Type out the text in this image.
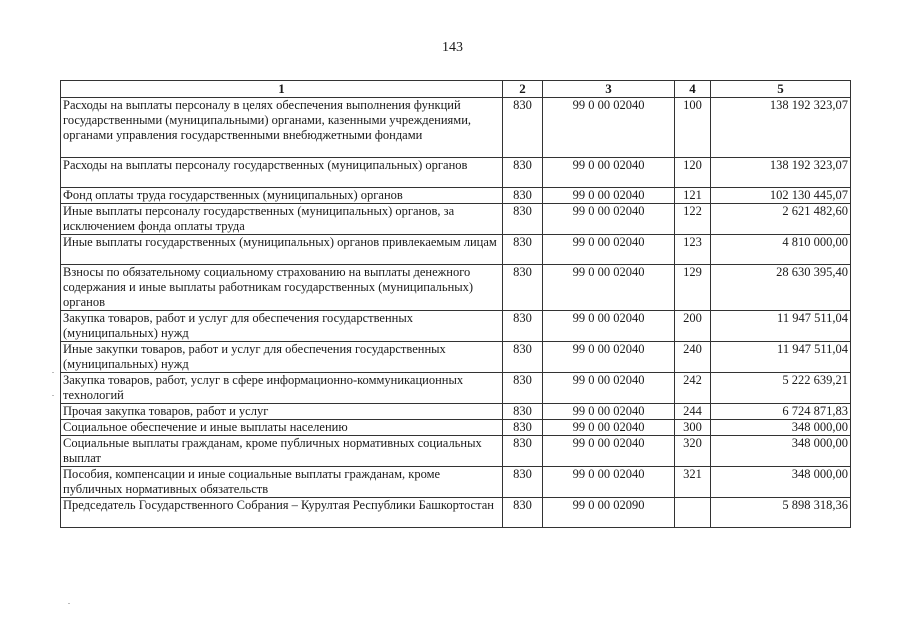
143
1	2	3	4	5
Расходы на выплаты персоналу в целях обеспечения выполнения функций государственными (муниципальными) органами, казенными учреждениями, органами управления государственными внебюджетными фондами	830	99 0 00 02040	100	138 192 323,07
Расходы на выплаты персоналу государственных (муниципальных) органов	830	99 0 00 02040	120	138 192 323,07
Фонд оплаты труда государственных (муниципальных) органов	830	99 0 00 02040	121	102 130 445,07
Иные выплаты персоналу государственных (муниципальных) органов, за исключением фонда оплаты труда	830	99 0 00 02040	122	2 621 482,60
Иные выплаты государственных (муниципальных) органов привлекаемым лицам	830	99 0 00 02040	123	4 810 000,00
Взносы по обязательному социальному страхованию на выплаты денежного содержания и иные выплаты работникам государственных (муниципальных) органов	830	99 0 00 02040	129	28 630 395,40
Закупка товаров, работ и услуг для обеспечения государственных (муниципальных) нужд	830	99 0 00 02040	200	11 947 511,04
Иные закупки товаров, работ и услуг для обеспечения государственных (муниципальных) нужд	830	99 0 00 02040	240	11 947 511,04
Закупка товаров, работ, услуг в сфере информационно-коммуникационных технологий	830	99 0 00 02040	242	5 222 639,21
Прочая закупка товаров, работ и услуг	830	99 0 00 02040	244	6 724 871,83
Социальное обеспечение и иные выплаты населению	830	99 0 00 02040	300	348 000,00
Социальные выплаты гражданам, кроме публичных нормативных социальных выплат	830	99 0 00 02040	320	348 000,00
Пособия, компенсации и иные социальные выплаты гражданам, кроме публичных нормативных обязательств	830	99 0 00 02040	321	348 000,00
Председатель Государственного Собрания – Курултая Республики Башкортостан	830	99 0 00 02090		5 898 318,36
